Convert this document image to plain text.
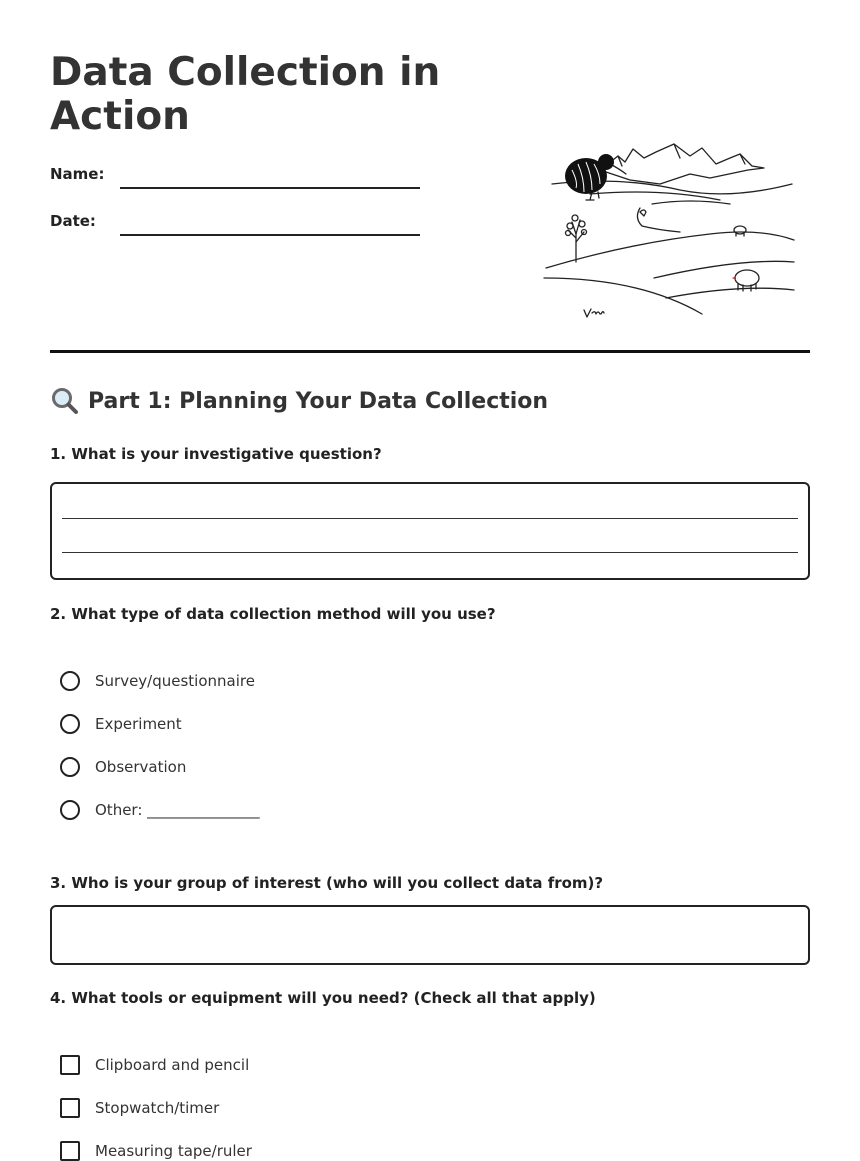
Data Collection in Action
Name:
Date:
Part 1: Planning Your Data Collection
1. What is your investigative question?
2. What type of data collection method will you use?
Survey/questionnaire
Experiment
Observation
Other: _______________
3. Who is your group of interest (who will you collect data from)?
4. What tools or equipment will you need? (Check all that apply)
Clipboard and pencil
Stopwatch/timer
Measuring tape/ruler
